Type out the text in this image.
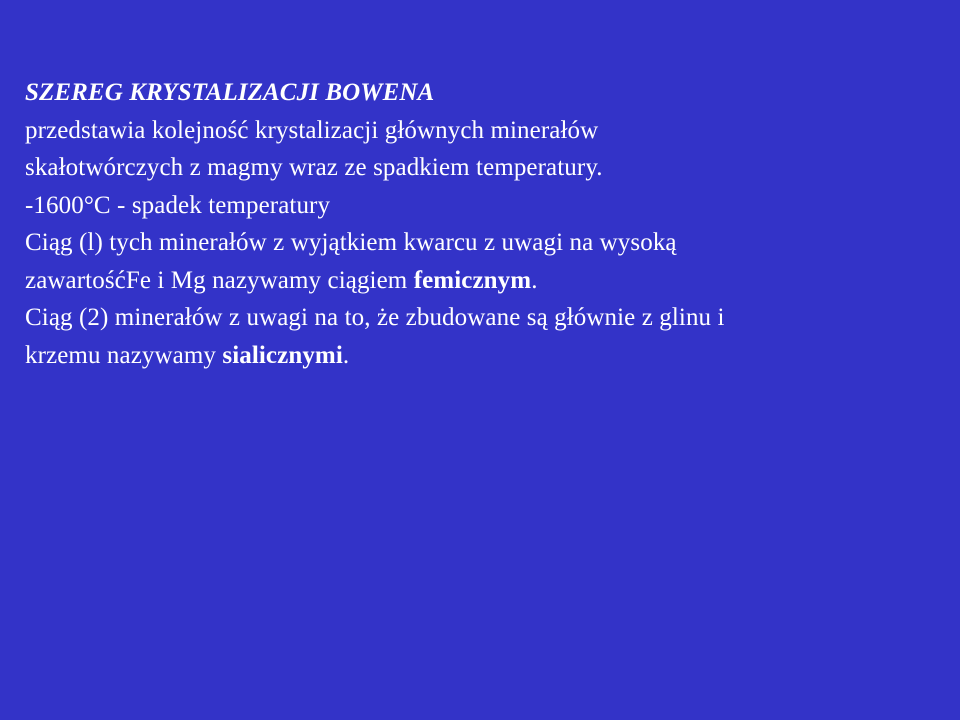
SZEREG KRYSTALIZACJI BOWENA
przedstawia kolejność krystalizacji głównych minerałów
skałotwórczych z magmy wraz ze spadkiem temperatury.
-1600°C - spadek temperatury
Ciąg (l) tych minerałów z wyjątkiem kwarcu z uwagi na wysoką
zawartośćFe i Mg nazywamy ciągiem femicznym.
Ciąg (2) minerałów z uwagi na to, że zbudowane są głównie z glinu i
krzemu nazywamy sialicznymi.
